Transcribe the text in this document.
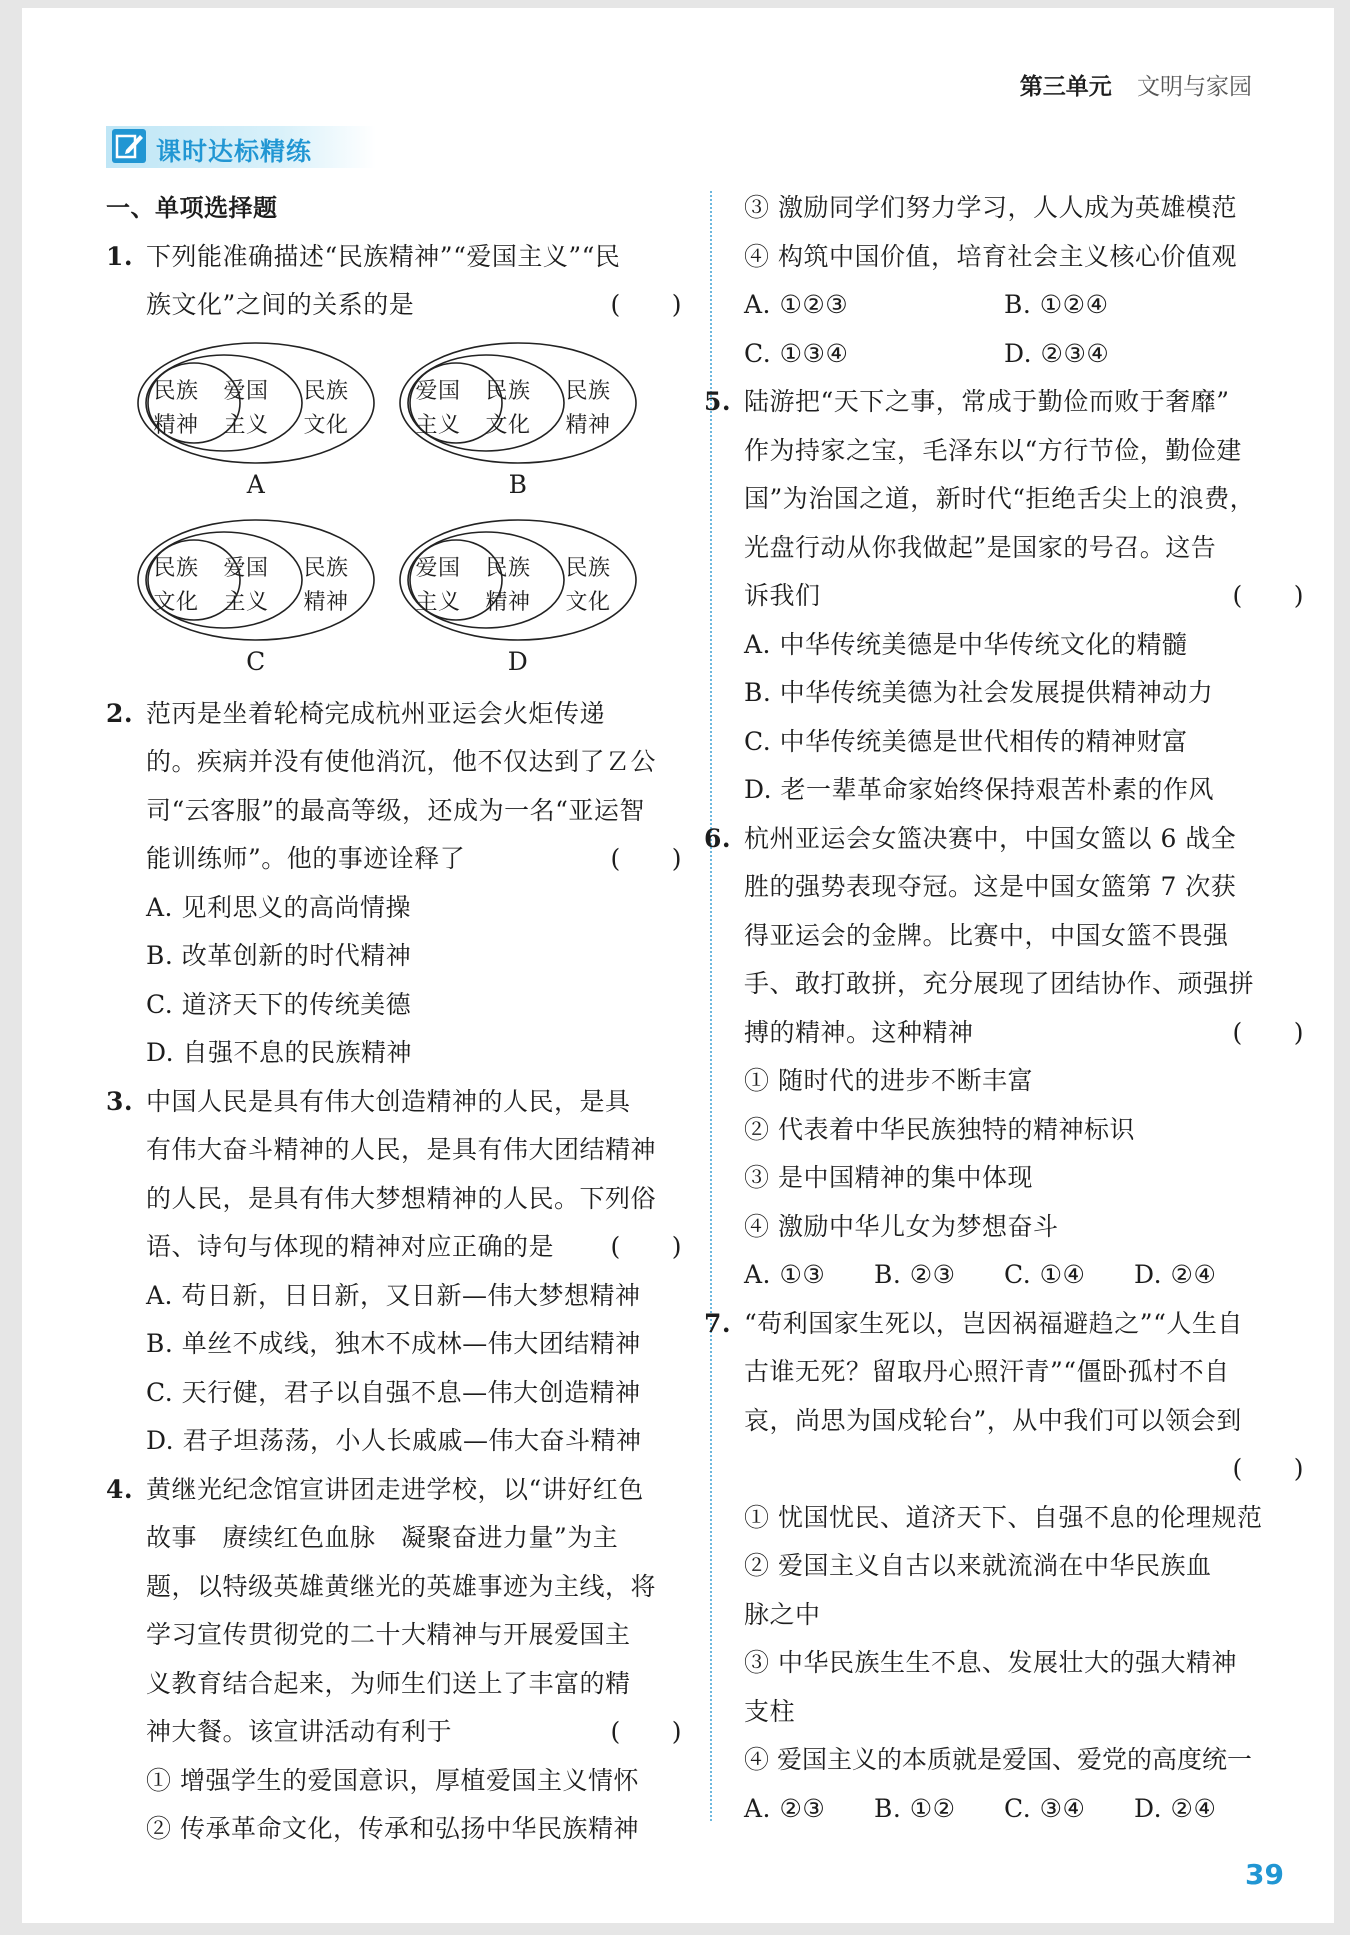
第三单元 文明与家园
课时达标精练
一、单项选择题
1. 下列能准确描述“民族精神”“爱国主义”“民
族文化”之间的关系的是	(　　)
民族
精神
爱国
主义
民族
文化
A
爱国
主义
民族
文化
民族
精神
B
民族
文化
爱国
主义
民族
精神
C
爱国
主义
民族
精神
民族
文化
D
2. 范丙是坐着轮椅完成杭州亚运会火炬传递
的。疾病并没有使他消沉，他不仅达到了Ｚ公
司“云客服”的最高等级，还成为一名“亚运智
能训练师”。他的事迹诠释了	(　　)
A. 见利思义的高尚情操
B. 改革创新的时代精神
C. 道济天下的传统美德
D. 自强不息的民族精神
3. 中国人民是具有伟大创造精神的人民，是具
有伟大奋斗精神的人民，是具有伟大团结精神
的人民，是具有伟大梦想精神的人民。下列俗
语、诗句与体现的精神对应正确的是 (　　)
A. 苟日新，日日新，又日新—伟大梦想精神
B. 单丝不成线，独木不成林—伟大团结精神
C. 天行健，君子以自强不息—伟大创造精神
D. 君子坦荡荡，小人长戚戚—伟大奋斗精神
4. 黄继光纪念馆宣讲团走进学校，以“讲好红色
故事　赓续红色血脉　凝聚奋进力量”为主
题，以特级英雄黄继光的英雄事迹为主线，将
学习宣传贯彻党的二十大精神与开展爱国主
义教育结合起来，为师生们送上了丰富的精
神大餐。该宣讲活动有利于	(　　)
① 增强学生的爱国意识，厚植爱国主义情怀
② 传承革命文化，传承和弘扬中华民族精神
③ 激励同学们努力学习，人人成为英雄模范
④ 构筑中国价值，培育社会主义核心价值观
A. ①②③	B. ①②④
C. ①③④	D. ②③④
5. 陆游把“天下之事，常成于勤俭而败于奢靡”
作为持家之宝，毛泽东以“方行节俭，勤俭建
国”为治国之道，新时代“拒绝舌尖上的浪费，
光盘行动从你我做起”是国家的号召。这告
诉我们	(　　)
A. 中华传统美德是中华传统文化的精髓
B. 中华传统美德为社会发展提供精神动力
C. 中华传统美德是世代相传的精神财富
D. 老一辈革命家始终保持艰苦朴素的作风
6. 杭州亚运会女篮决赛中，中国女篮以 6 战全
胜的强势表现夺冠。这是中国女篮第 7 次获
得亚运会的金牌。比赛中，中国女篮不畏强
手、敢打敢拼，充分展现了团结协作、顽强拼
搏的精神。这种精神	(　　)
① 随时代的进步不断丰富
② 代表着中华民族独特的精神标识
③ 是中国精神的集中体现
④ 激励中华儿女为梦想奋斗
A. ①③	B. ②③	C. ①④	D. ②④
7. “苟利国家生死以，岂因祸福避趋之”“人生自
古谁无死？留取丹心照汗青”“僵卧孤村不自
哀，尚思为国戍轮台”，从中我们可以领会到
(　　)
① 忧国忧民、道济天下、自强不息的伦理规范
② 爱国主义自古以来就流淌在中华民族血
脉之中
③ 中华民族生生不息、发展壮大的强大精神
支柱
④ 爱国主义的本质就是爱国、爱党的高度统一
A. ②③	B. ①②	C. ③④	D. ②④
39
